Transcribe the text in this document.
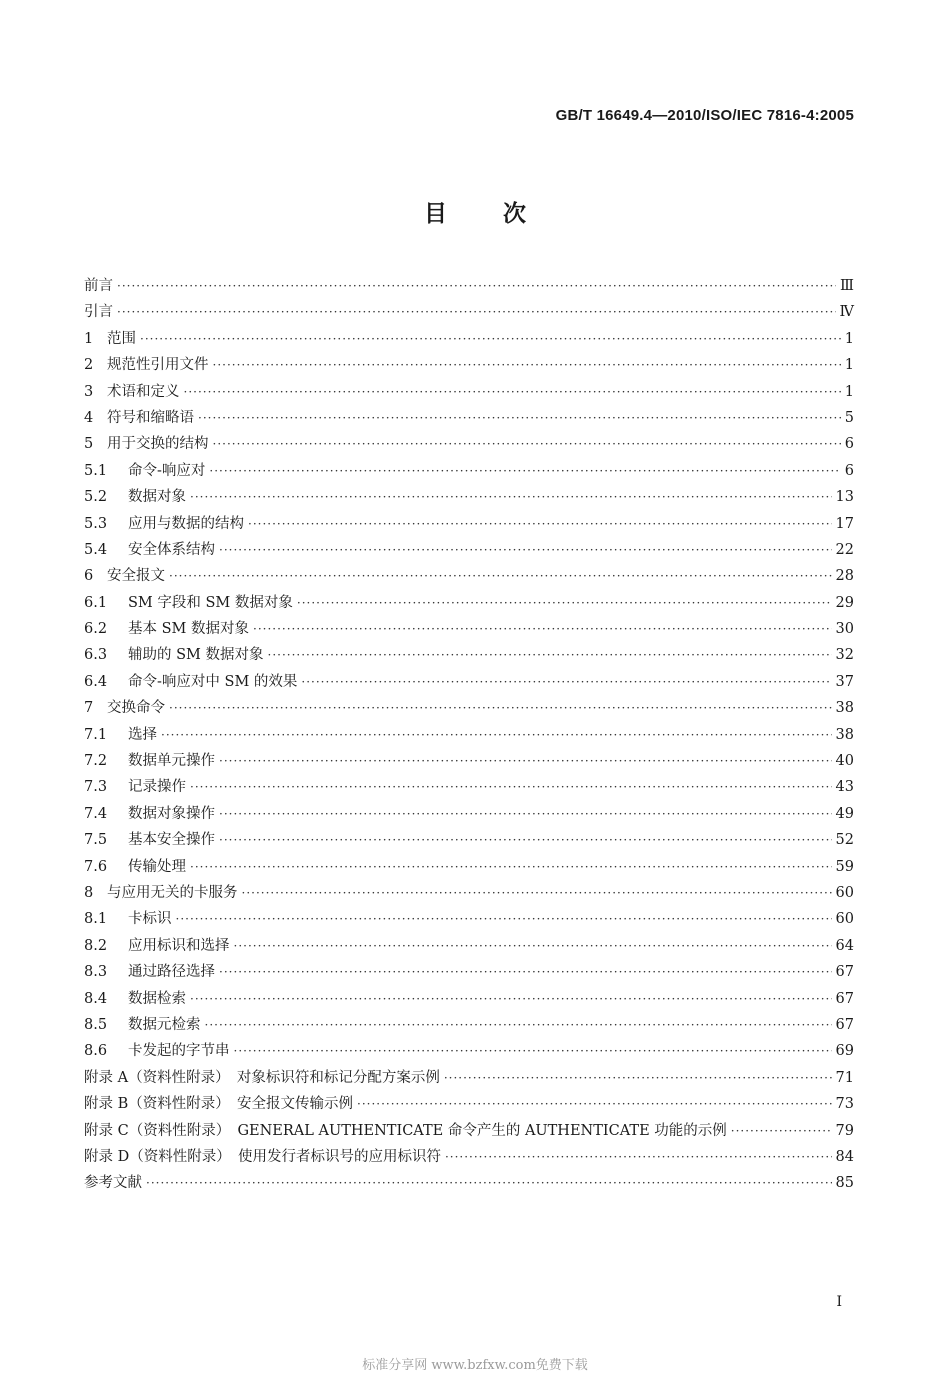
GB/T 16649.4—2010/ISO/IEC 7816-4:2005
目次
前言 ·····	Ⅲ
引言 ·····	Ⅳ
1 范围 ·····	1
2 规范性引用文件 ·····	1
3 术语和定义 ·····	1
4 符号和缩略语 ·····	5
5 用于交换的结构 ·····	6
5.1	命令-响应对 ·····	6
5.2	数据对象 ·····	13
5.3	应用与数据的结构 ·····	17
5.4	安全体系结构 ·····	22
6 安全报文 ·····	28
6.1	SM 字段和 SM 数据对象 ·····	29
6.2	基本 SM 数据对象 ·····	30
6.3	辅助的 SM 数据对象 ·····	32
6.4	命令-响应对中 SM 的效果 ·····	37
7 交换命令 ·····	38
7.1	选择 ·····	38
7.2	数据单元操作 ·····	40
7.3	记录操作 ·····	43
7.4	数据对象操作 ·····	49
7.5	基本安全操作 ·····	52
7.6	传输处理 ·····	59
8 与应用无关的卡服务 ·····	60
8.1	卡标识 ·····	60
8.2	应用标识和选择 ·····	64
8.3	通过路径选择 ·····	67
8.4	数据检索 ·····	67
8.5	数据元检索 ·····	67
8.6	卡发起的字节串 ·····	69
附录 A（资料性附录）　对象标识符和标记分配方案示例 ·····	71
附录 B（资料性附录）　安全报文传输示例 ·····	73
附录 C（资料性附录）　GENERAL AUTHENTICATE 命令产生的 AUTHENTICATE 功能的示例 ·····	79
附录 D（资料性附录）　使用发行者标识号的应用标识符 ·····	84
参考文献 ·····	85
I
标准分享网 www.bzfxw.com免费下载
